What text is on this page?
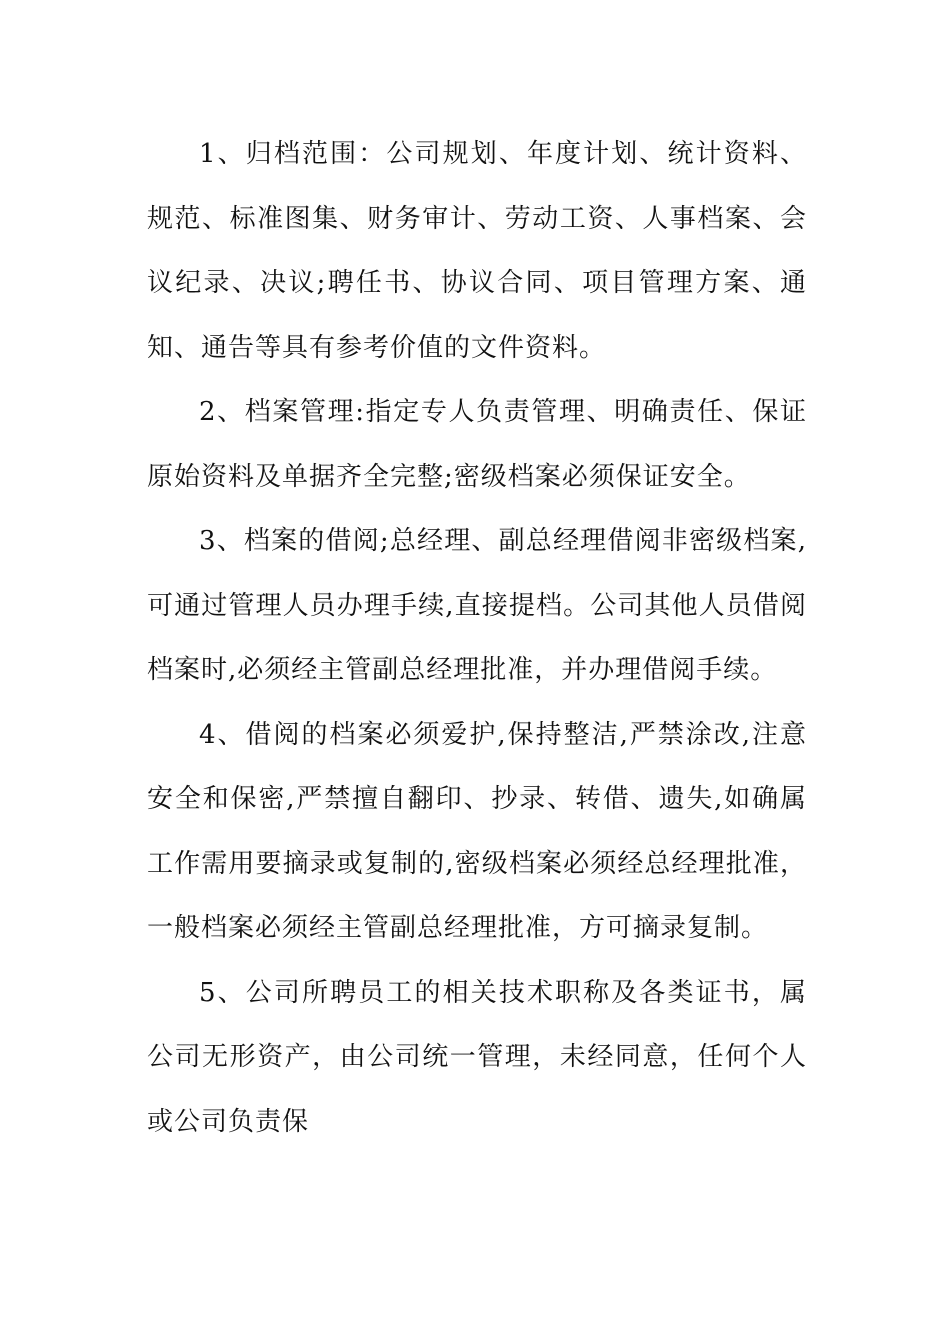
1、归档范围：公司规划、年度计划、统计资料、规范、标准图集、财务审计、劳动工资、人事档案、会议纪录、决议;聘任书、协议合同、项目管理方案、通知、通告等具有参考价值的文件资料。

2、档案管理:指定专人负责管理、明确责任、保证原始资料及单据齐全完整;密级档案必须保证安全。

3、档案的借阅;总经理、副总经理借阅非密级档案,可通过管理人员办理手续,直接提档。公司其他人员借阅档案时,必须经主管副总经理批准，并办理借阅手续。

4、借阅的档案必须爱护,保持整洁,严禁涂改,注意安全和保密,严禁擅自翻印、抄录、转借、遗失,如确属工作需用要摘录或复制的,密级档案必须经总经理批准，一般档案必须经主管副总经理批准，方可摘录复制。

5、公司所聘员工的相关技术职称及各类证书，属公司无形资产，由公司统一管理，未经同意，任何个人或公司负责保
